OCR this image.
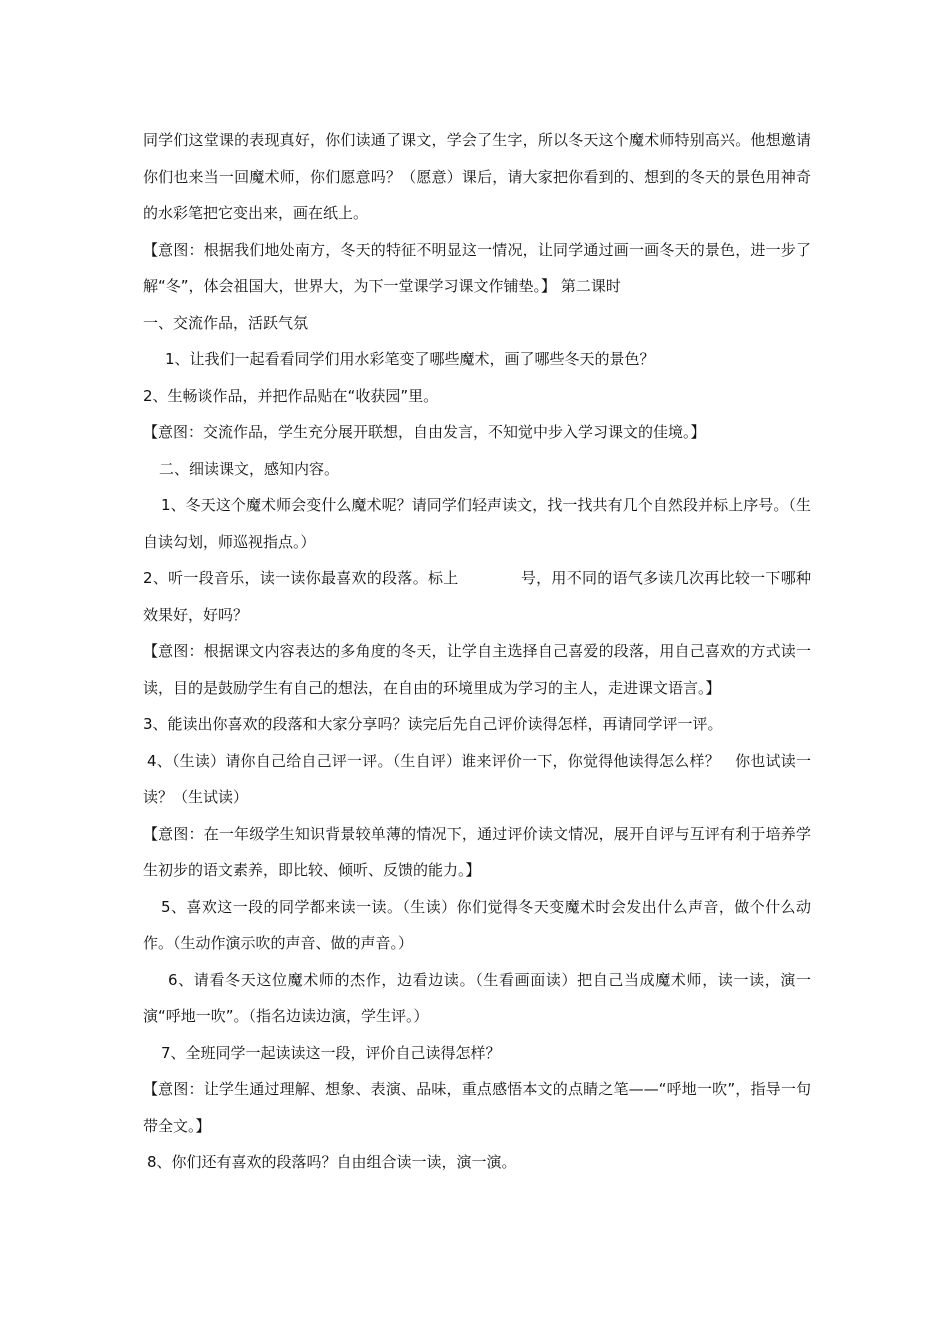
同学们这堂课的表现真好，你们读通了课文，学会了生字，所以冬天这个魔术师特别高兴。他想邀请你们也来当一回魔术师，你们愿意吗？（愿意）课后，请大家把你看到的、想到的冬天的景色用神奇的水彩笔把它变出来，画在纸上。

【意图：根据我们地处南方，冬天的特征不明显这一情况，让同学通过画一画冬天的景色，进一步了解“冬”，体会祖国大，世界大，为下一堂课学习课文作铺垫。】 第二课时

一、交流作品，活跃气氛

1、让我们一起看看同学们用水彩笔变了哪些魔术，画了哪些冬天的景色？

2、生畅谈作品，并把作品贴在“收获园”里。

【意图：交流作品，学生充分展开联想，自由发言，不知觉中步入学习课文的佳境。】

二、细读课文，感知内容。

1、冬天这个魔术师会变什么魔术呢？请同学们轻声读文，找一找共有几个自然段并标上序号。（生自读勾划，师巡视指点。）

2、听一段音乐，读一读你最喜欢的段落。标上	号，用不同的语气多读几次再比较一下哪种效果好，好吗？

【意图：根据课文内容表达的多角度的冬天，让学自主选择自己喜爱的段落，用自己喜欢的方式读一读，目的是鼓励学生有自己的想法，在自由的环境里成为学习的主人，走进课文语言。】

3、能读出你喜欢的段落和大家分享吗？读完后先自己评价读得怎样，再请同学评一评。

4、（生读）请你自己给自己评一评。（生自评）谁来评价一下，你觉得他读得怎么样？　你也试读一读？（生试读）

【意图：在一年级学生知识背景较单薄的情况下，通过评价读文情况，展开自评与互评有利于培养学生初步的语文素养，即比较、倾听、反馈的能力。】

5、喜欢这一段的同学都来读一读。（生读）你们觉得冬天变魔术时会发出什么声音，做个什么动作。（生动作演示吹的声音、做的声音。）

6、请看冬天这位魔术师的杰作，边看边读。（生看画面读）把自己当成魔术师，读一读，演一演“呼地一吹”。（指名边读边演，学生评。）

7、全班同学一起读读这一段，评价自己读得怎样？

【意图：让学生通过理解、想象、表演、品味，重点感悟本文的点睛之笔——“呼地一吹”，指导一句带全文。】

8、你们还有喜欢的段落吗？自由组合读一读，演一演。
